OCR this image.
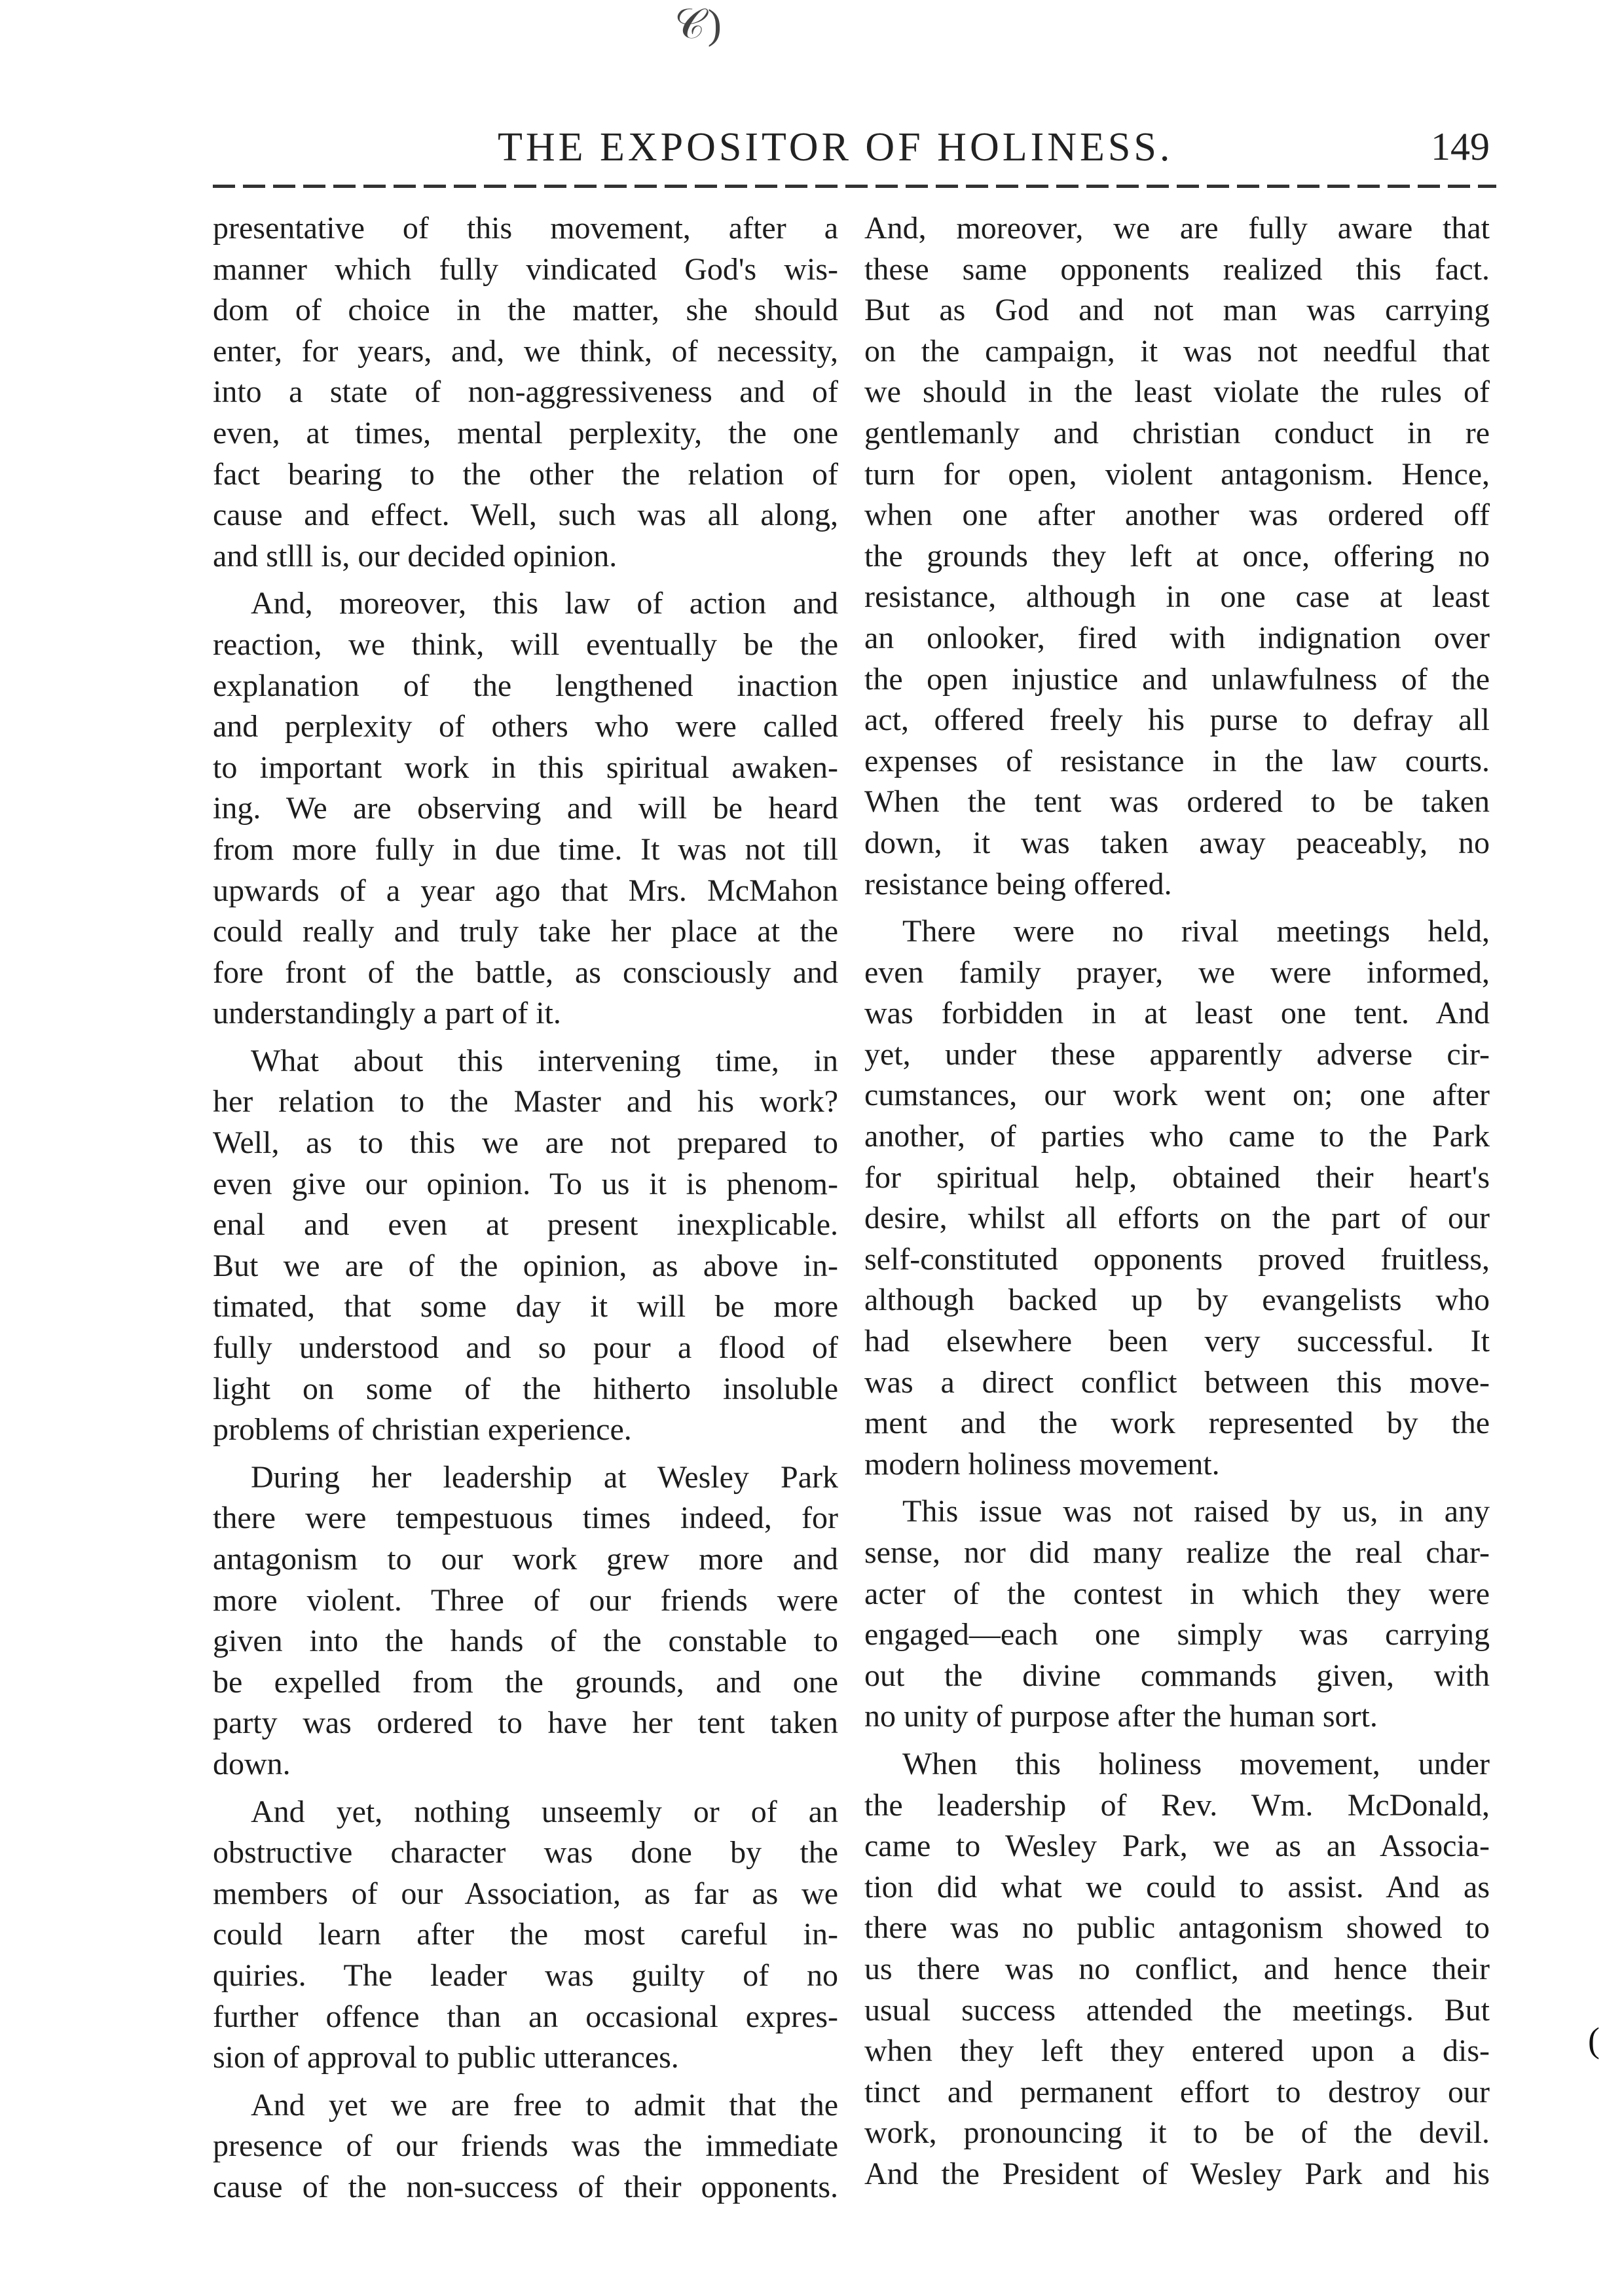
𝒞)
THE EXPOSITOR OF HOLINESS.	149

presentative of this movement, after a
manner which fully vindicated God's wis-
dom of choice in the matter, she should
enter, for years, and, we think, of necessity,
into a state of non-aggressiveness and of
even, at times, mental perplexity, the one
fact bearing to the other the relation of
cause and effect. Well, such was all along,
and stlll is, our decided opinion.

And, moreover, this law of action and
reaction, we think, will eventually be the
explanation of the lengthened inaction
and perplexity of others who were called
to important work in this spiritual awaken-
ing. We are observing and will be heard
from more fully in due time. It was not till
upwards of a year ago that Mrs. McMahon
could really and truly take her place at the
fore front of the battle, as consciously and
understandingly a part of it.

What about this intervening time, in
her relation to the Master and his work?
Well, as to this we are not prepared to
even give our opinion. To us it is phenom-
enal and even at present inexplicable.
But we are of the opinion, as above in-
timated, that some day it will be more
fully understood and so pour a flood of
light on some of the hitherto insoluble
problems of christian experience.

During her leadership at Wesley Park
there were tempestuous times indeed, for
antagonism to our work grew more and
more violent. Three of our friends were
given into the hands of the constable to
be expelled from the grounds, and one
party was ordered to have her tent taken
down.

And yet, nothing unseemly or of an
obstructive character was done by the
members of our Association, as far as we
could learn after the most careful in-
quiries. The leader was guilty of no
further offence than an occasional expres-
sion of approval to public utterances.

And yet we are free to admit that the
presence of our friends was the immediate
cause of the non-success of their opponents.

And, moreover, we are fully aware that
these same opponents realized this fact.
But as God and not man was carrying
on the campaign, it was not needful that
we should in the least violate the rules of
gentlemanly and christian conduct in re
turn for open, violent antagonism. Hence,
when one after another was ordered off
the grounds they left at once, offering no
resistance, although in one case at least
an onlooker, fired with indignation over
the open injustice and unlawfulness of the
act, offered freely his purse to defray all
expenses of resistance in the law courts.
When the tent was ordered to be taken
down, it was taken away peaceably, no
resistance being offered.

There were no rival meetings held,
even family prayer, we were informed,
was forbidden in at least one tent. And
yet, under these apparently adverse cir-
cumstances, our work went on; one after
another, of parties who came to the Park
for spiritual help, obtained their heart's
desire, whilst all efforts on the part of our
self-constituted opponents proved fruitless,
although backed up by evangelists who
had elsewhere been very successful. It
was a direct conflict between this move-
ment and the work represented by the
modern holiness movement.

This issue was not raised by us, in any
sense, nor did many realize the real char-
acter of the contest in which they were
engaged—each one simply was carrying
out the divine commands given, with
no unity of purpose after the human sort.

When this holiness movement, under
the leadership of Rev. Wm. McDonald,
came to Wesley Park, we as an Associa-
tion did what we could to assist. And as
there was no public antagonism showed to
us there was no conflict, and hence their
usual success attended the meetings. But
when they left they entered upon a dis-
tinct and permanent effort to destroy our
work, pronouncing it to be of the devil.
And the President of Wesley Park and his

(
